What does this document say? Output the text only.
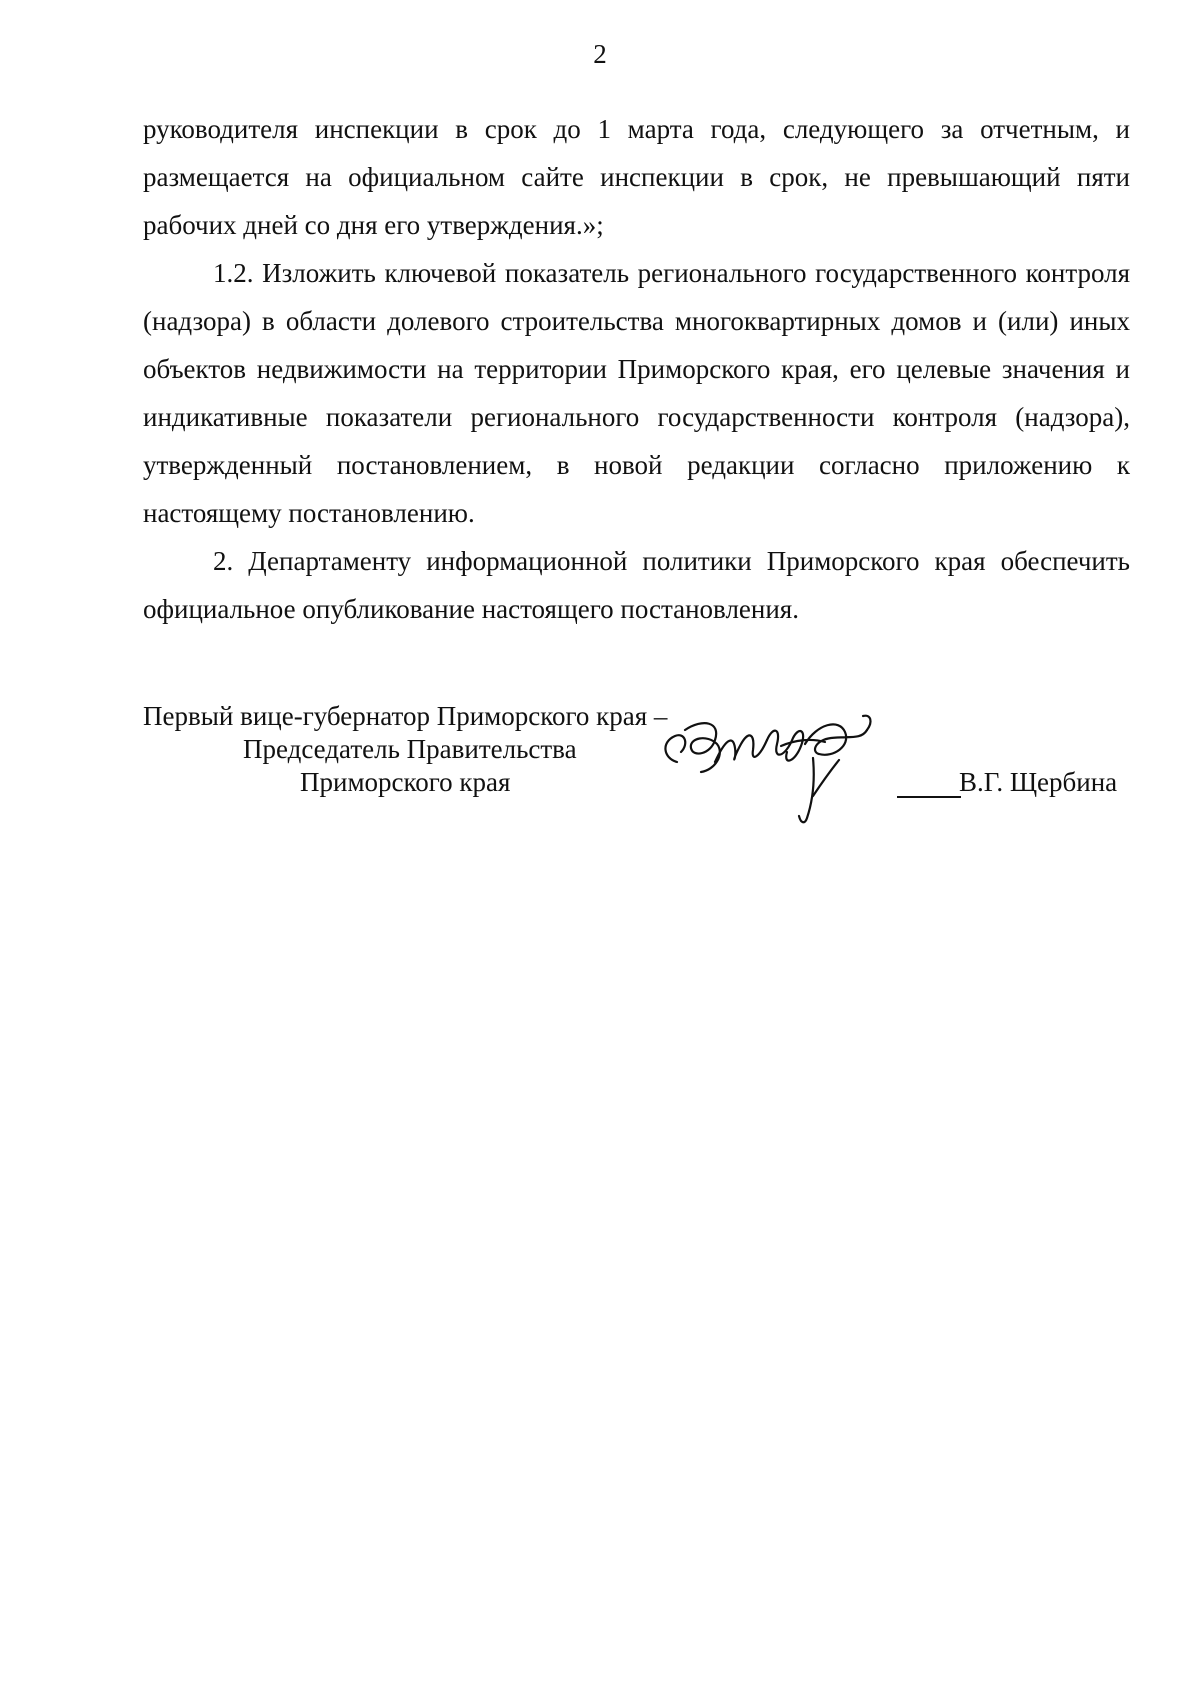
2

руководителя инспекции в срок до 1 марта года, следующего за отчетным, и размещается на официальном сайте инспекции в срок, не превышающий пяти рабочих дней со дня его утверждения.»;

1.2. Изложить ключевой показатель регионального государственного контроля (надзора) в области долевого строительства многоквартирных домов и (или) иных объектов недвижимости на территории Приморского края, его целевые значения и индикативные показатели регионального государственности контроля (надзора), утвержденный постановлением, в новой редакции согласно приложению к настоящему постановлению.

2. Департаменту информационной политики Приморского края обеспечить официальное опубликование настоящего постановления.

Первый вице-губернатор Приморского края –
Председатель Правительства
Приморского края	В.Г. Щербина
